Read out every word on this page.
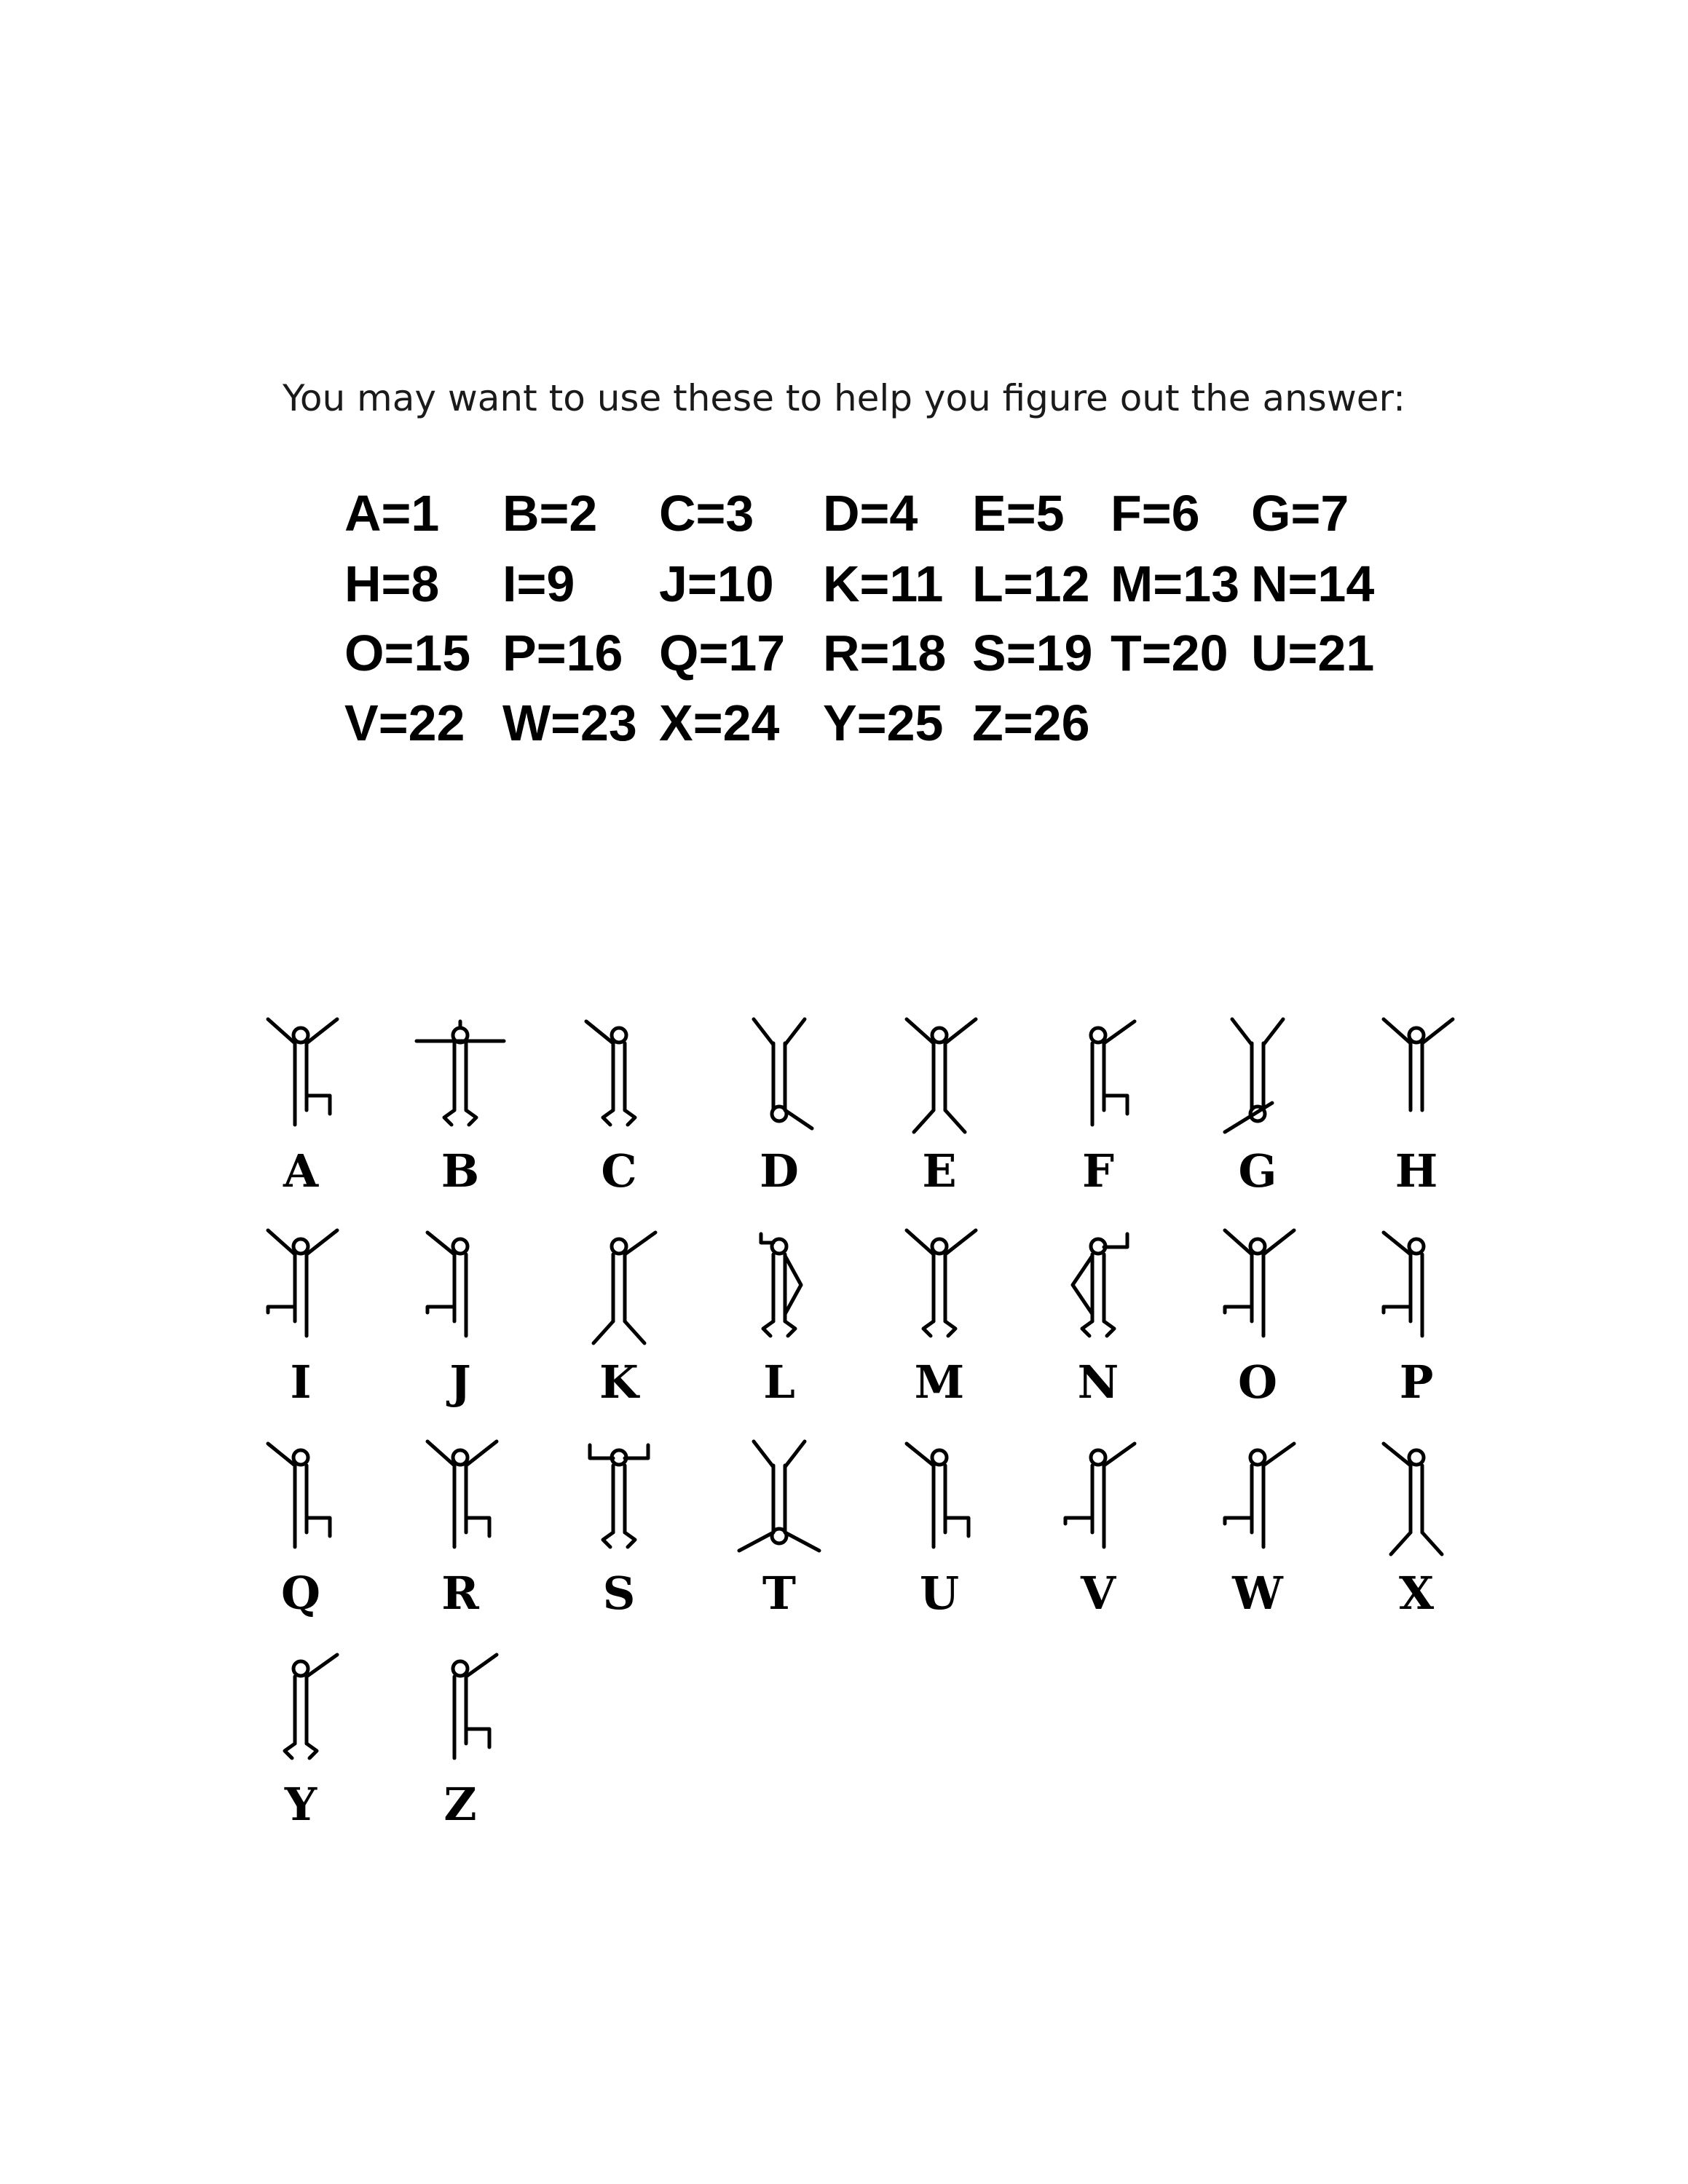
You may want to use these to help you figure out the answer:
A=1 B=2 C=3 D=4 E=5 F=6 G=7
H=8 I=9 J=10 K=11 L=12 M=13 N=14
O=15 P=16 Q=17 R=18 S=19 T=20 U=21
V=22 W=23 X=24 Y=25 Z=26
A	B	C	D	E	F	G	H
I	J	K	L	M	N	O	P
Q	R	S	T	U	V	W	X
Y	Z
